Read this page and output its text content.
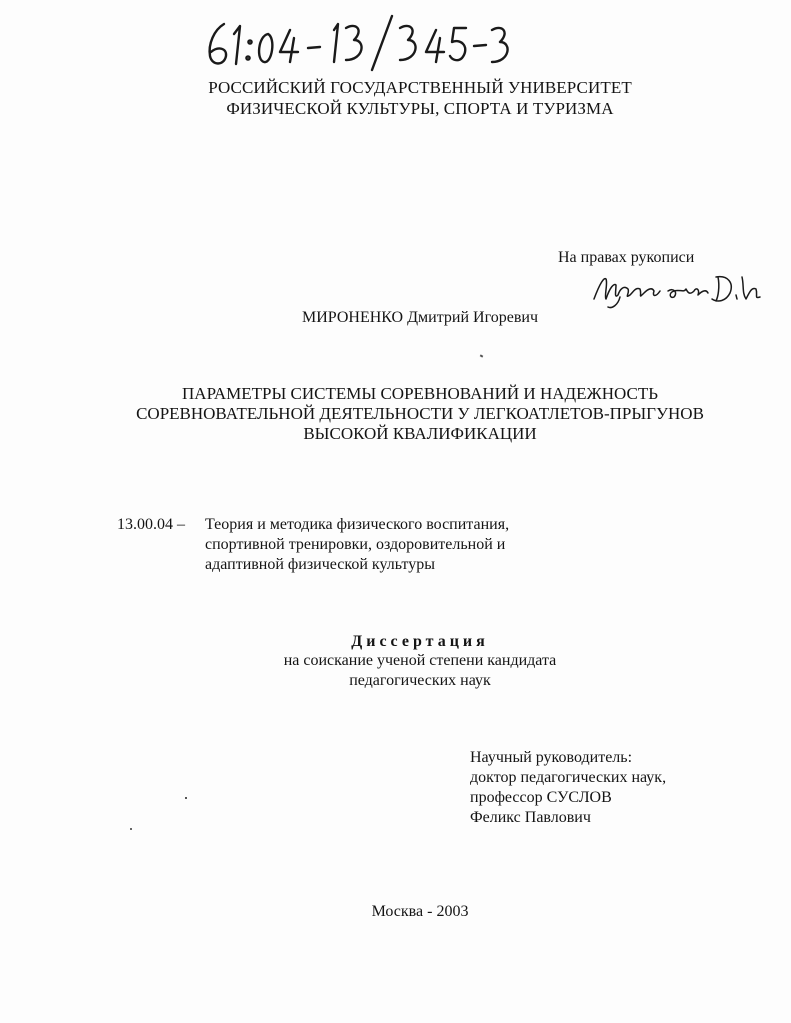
РОССИЙСКИЙ ГОСУДАРСТВЕННЫЙ УНИВЕРСИТЕТ
ФИЗИЧЕСКОЙ КУЛЬТУРЫ, СПОРТА И ТУРИЗМА
На правах рукописи
МИРОНЕНКО Дмитрий Игоревич
ПАРАМЕТРЫ СИСТЕМЫ СОРЕВНОВАНИЙ И НАДЕЖНОСТЬ
СОРЕВНОВАТЕЛЬНОЙ ДЕЯТЕЛЬНОСТИ У ЛЕГКОАТЛЕТОВ-ПРЫГУНОВ
ВЫСОКОЙ КВАЛИФИКАЦИИ
13.00.04 – Теория и методика физического воспитания,
спортивной тренировки, оздоровительной и
адаптивной физической культуры
Диссертация
на соискание ученой степени кандидата
педагогических наук
Научный руководитель:
доктор педагогических наук,
профессор СУСЛОВ
Феликс Павлович
Москва - 2003
